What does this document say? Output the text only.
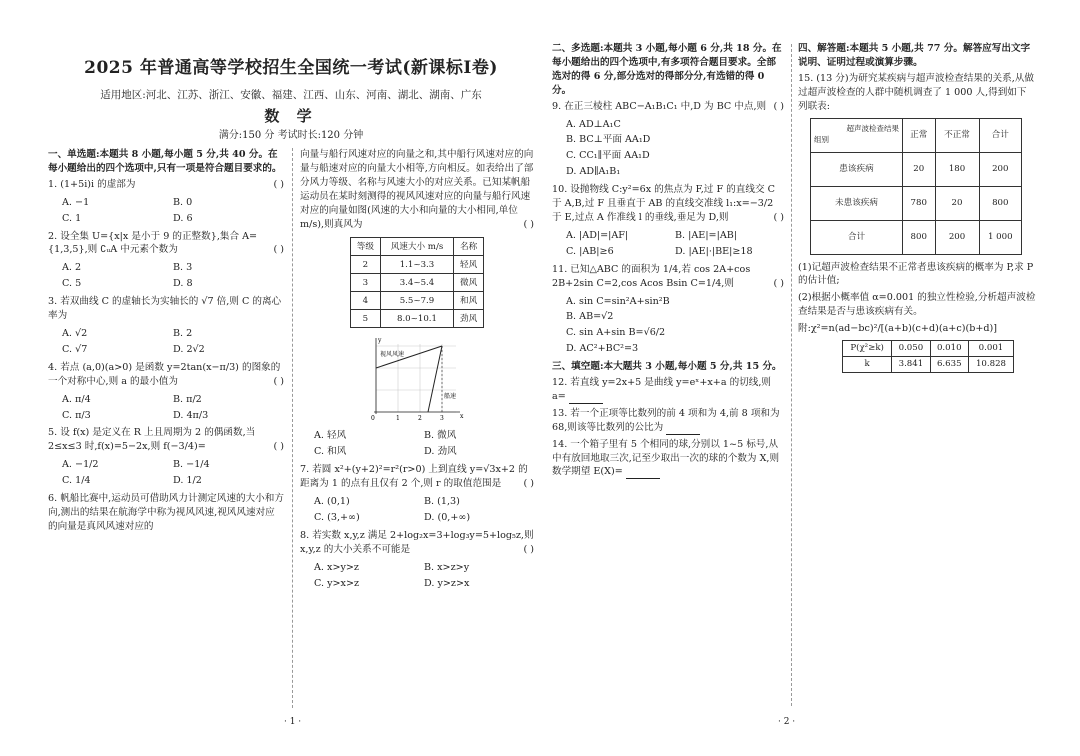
2025 年普通高等学校招生全国统一考试(新课标Ⅰ卷)
适用地区:河北、江苏、浙江、安徽、福建、江西、山东、河南、湖北、湖南、广东
数 学
满分:150 分 考试时长:120 分钟
一、单选题:本题共 8 小题,每小题 5 分,共 40 分。在每小题给出的四个选项中,只有一项是符合题目要求的。
1. (1+5i)i 的虚部为	( )
A. −1	B. 0
C. 1	D. 6
2. 设全集 U={x|x 是小于 9 的正整数},集合 A={1,3,5},则 ∁ᵤA 中元素个数为	( )
A. 2	B. 3
C. 5	D. 8
3. 若双曲线 C 的虚轴长为实轴长的 √7 倍,则 C 的离心率为
A. √2	B. 2
C. √7	D. 2√2
4. 若点 (a,0)(a>0) 是函数 y=2tan(x−π/3) 的图象的一个对称中心,则 a 的最小值为	( )
A. π/4	B. π/2
C. π/3	D. 4π/3
5. 设 f(x) 是定义在 R 上且周期为 2 的偶函数,当 2≤x≤3 时,f(x)=5−2x,则 f(−3/4)=	( )
A. −1/2	B. −1/4
C. 1/4	D. 1/2
6. 帆船比赛中,运动员可借助风力计测定风速的大小和方向,测出的结果在航海学中称为视风风速,视风风速对应的向量是真风风速对应的
向量与船行风速对应的向量之和,其中船行风速对应的向量与船速对应的向量大小相等,方向相反。如表给出了部分风力等级、名称与风速大小的对应关系。已知某帆船运动员在某时刻测得的视风风速对应的向量与船行风速对应的向量如图(风速的大小和向量的大小相同,单位 m/s),则真风为	( )
等级	风速大小 m/s	名称
2	1.1~3.3	轻风
3	3.4~5.4	微风
4	5.5~7.9	和风
5	8.0~10.1	劲风
0	1	2	3	x
y
视风风速
船速
A. 轻风	B. 微风
C. 和风	D. 劲风
7. 若圆 x²+(y+2)²=r²(r>0) 上到直线 y=√3x+2 的距离为 1 的点有且仅有 2 个,则 r 的取值范围是 ( )
A. (0,1)	B. (1,3)
C. (3,+∞)	D. (0,+∞)
8. 若实数 x,y,z 满足 2+log₂x=3+log₃y=5+log₅z,则 x,y,z 的大小关系不可能是	( )
A. x>y>z	B. x>z>y
C. y>x>z	D. y>z>x
· 1 ·
二、多选题:本题共 3 小题,每小题 6 分,共 18 分。在每小题给出的四个选项中,有多项符合题目要求。全部选对的得 6 分,部分选对的得部分分,有选错的得 0 分。
9. 在正三棱柱 ABC−A₁B₁C₁ 中,D 为 BC 中点,则 ( )
A. AD⊥A₁C
B. BC⊥平面 AA₁D
C. CC₁∥平面 AA₁D
D. AD∥A₁B₁
10. 设抛物线 C:y²=6x 的焦点为 F,过 F 的直线交 C 于 A,B,过 F 且垂直于 AB 的直线交准线 l₁:x=−3/2 于 E,过点 A 作准线 l 的垂线,垂足为 D,则	( )
A. |AD|=|AF|	B. |AE|=|AB|
C. |AB|≥6	D. |AE|·|BE|≥18
11. 已知△ABC 的面积为 1/4,若 cos 2A+cos 2B+2sin C=2,cos Acos Bsin C=1/4,则	( )
A. sin C=sin²A+sin²B
B. AB=√2
C. sin A+sin B=√6/2
D. AC²+BC²=3
三、填空题:本大题共 3 小题,每小题 5 分,共 15 分。
12. 若直线 y=2x+5 是曲线 y=eˣ+x+a 的切线,则 a=
13. 若一个正项等比数列的前 4 项和为 4,前 8 项和为 68,则该等比数列的公比为
14. 一个箱子里有 5 个相同的球,分别以 1~5 标号,从中有放回地取三次,记至少取出一次的球的个数为 X,则数学期望 E(X)=
· 2 ·
四、解答题:本题共 5 小题,共 77 分。解答应写出文字说明、证明过程或演算步骤。
15. (13 分)为研究某疾病与超声波检查结果的关系,从做过超声波检查的人群中随机调查了 1 000 人,得到如下列联表:
超声波检查结果
组别	正常	不正常	合计
患该疾病	20	180	200
未患该疾病	780	20	800
合计	800	200	1 000
(1)记超声波检查结果不正常者患该疾病的概率为 P,求 P 的估计值;
(2)根据小概率值 α=0.001 的独立性检验,分析超声波检查结果是否与患该疾病有关。
附:χ²=n(ad−bc)²/[(a+b)(c+d)(a+c)(b+d)]
P(χ²≥k)	0.050	0.010	0.001
k	3.841	6.635	10.828
